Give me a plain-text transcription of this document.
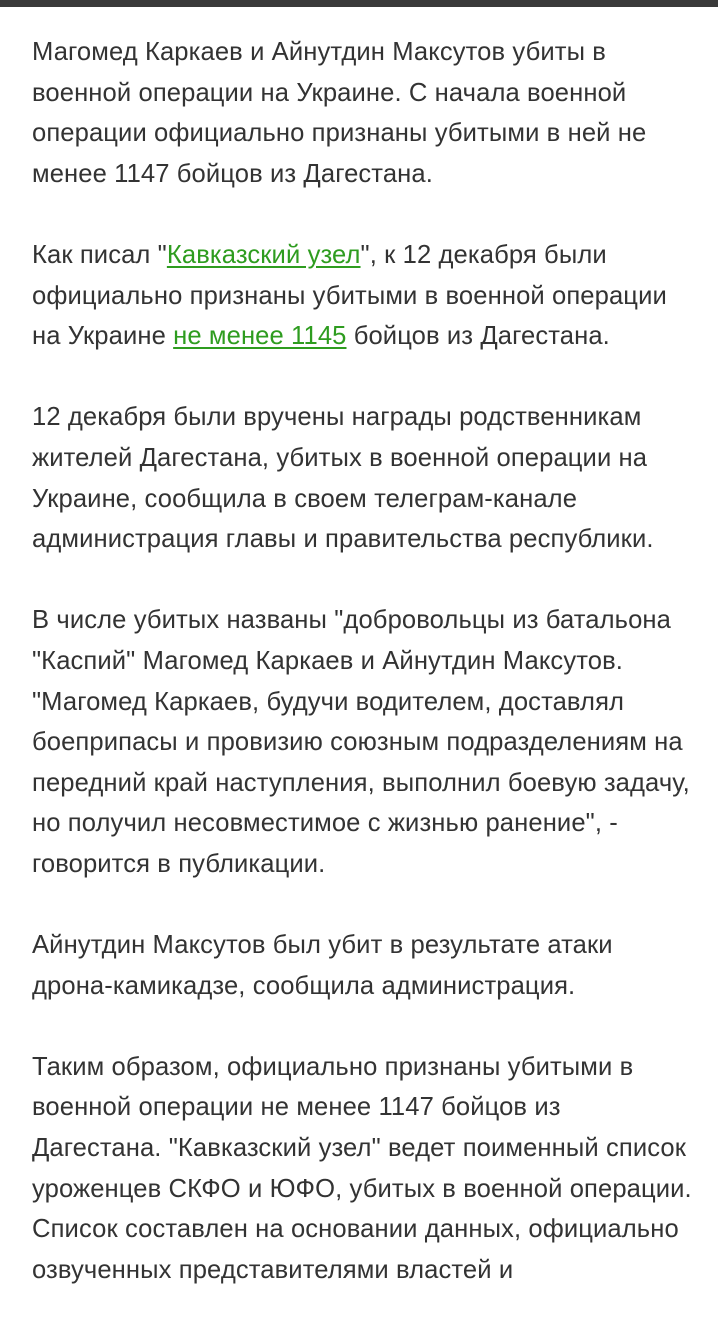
Магомед Каркаев и Айнутдин Максутов убиты в военной операции на Украине. С начала военной операции официально признаны убитыми в ней не менее 1147 бойцов из Дагестана.

Как писал "Кавказский узел", к 12 декабря были официально признаны убитыми в военной операции на Украине не менее 1145 бойцов из Дагестана.

12 декабря были вручены награды родственникам жителей Дагестана, убитых в военной операции на Украине, сообщила в своем телеграм-канале администрация главы и правительства республики.

В числе убитых названы "добровольцы из батальона "Каспий" Магомед Каркаев и Айнутдин Максутов. "Магомед Каркаев, будучи водителем, доставлял боеприпасы и провизию союзным подразделениям на передний край наступления, выполнил боевую задачу, но получил несовместимое с жизнью ранение", - говорится в публикации.

Айнутдин Максутов был убит в результате атаки дрона-камикадзе, сообщила администрация.

Таким образом, официально признаны убитыми в военной операции не менее 1147 бойцов из Дагестана. "Кавказский узел" ведет поименный список уроженцев СКФО и ЮФО, убитых в военной операции. Список составлен на основании данных, официально озвученных представителями властей и
